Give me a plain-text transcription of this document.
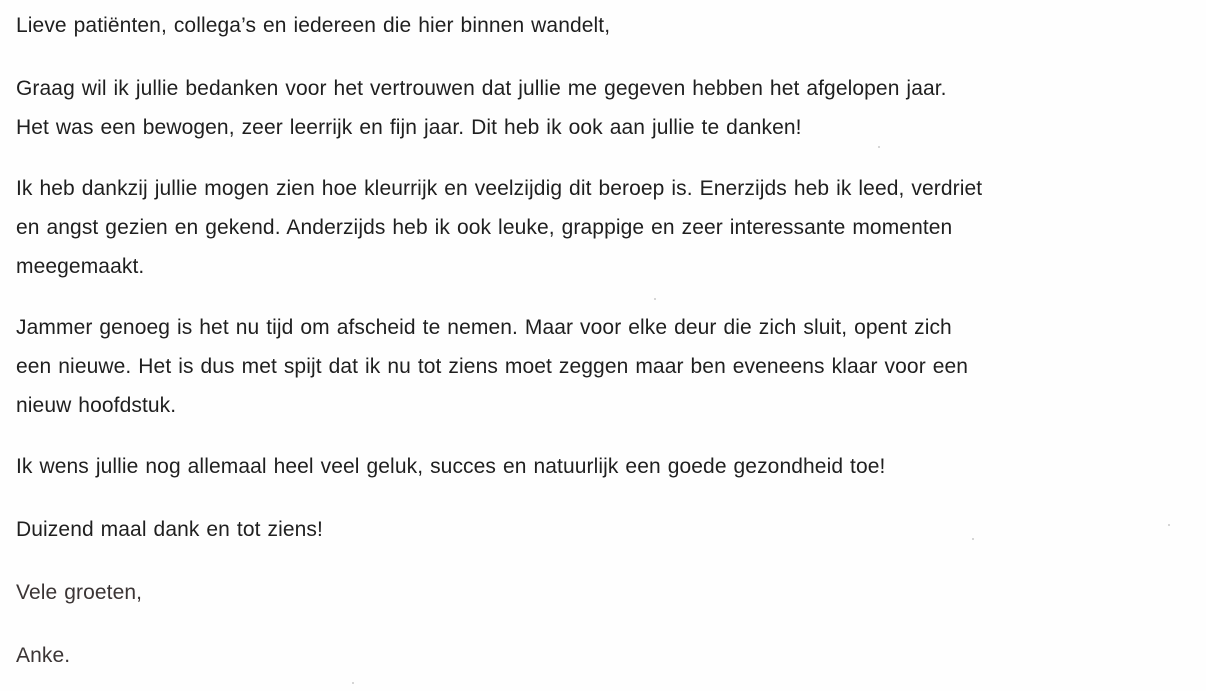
Lieve patiënten, collega’s en iedereen die hier binnen wandelt,
Graag wil ik jullie bedanken voor het vertrouwen dat jullie me gegeven hebben het afgelopen jaar.
Het was een bewogen, zeer leerrijk en fijn jaar. Dit heb ik ook aan jullie te danken!
Ik heb dankzij jullie mogen zien hoe kleurrijk en veelzijdig dit beroep is. Enerzijds heb ik leed, verdriet
en angst gezien en gekend. Anderzijds heb ik ook leuke, grappige en zeer interessante momenten
meegemaakt.
Jammer genoeg is het nu tijd om afscheid te nemen. Maar voor elke deur die zich sluit, opent zich
een nieuwe. Het is dus met spijt dat ik nu tot ziens moet zeggen maar ben eveneens klaar voor een
nieuw hoofdstuk.
Ik wens jullie nog allemaal heel veel geluk, succes en natuurlijk een goede gezondheid toe!
Duizend maal dank en tot ziens!
Vele groeten,
Anke.
